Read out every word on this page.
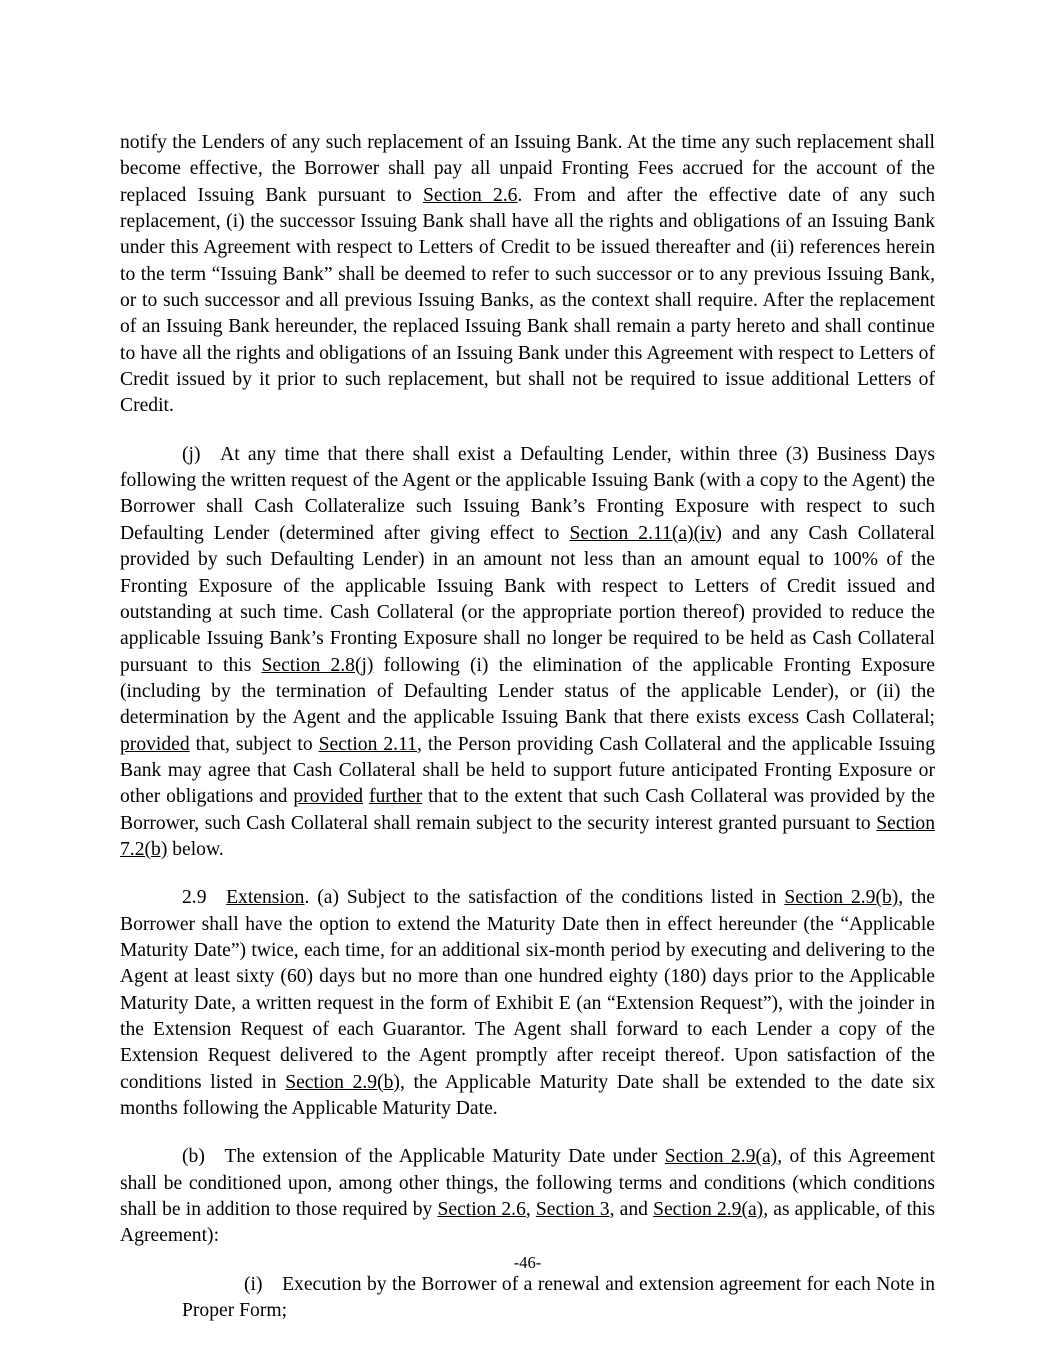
notify the Lenders of any such replacement of an Issuing Bank. At the time any such replacement shall become effective, the Borrower shall pay all unpaid Fronting Fees accrued for the account of the replaced Issuing Bank pursuant to Section 2.6. From and after the effective date of any such replacement, (i) the successor Issuing Bank shall have all the rights and obligations of an Issuing Bank under this Agreement with respect to Letters of Credit to be issued thereafter and (ii) references herein to the term “Issuing Bank” shall be deemed to refer to such successor or to any previous Issuing Bank, or to such successor and all previous Issuing Banks, as the context shall require. After the replacement of an Issuing Bank hereunder, the replaced Issuing Bank shall remain a party hereto and shall continue to have all the rights and obligations of an Issuing Bank under this Agreement with respect to Letters of Credit issued by it prior to such replacement, but shall not be required to issue additional Letters of Credit.

(j) At any time that there shall exist a Defaulting Lender, within three (3) Business Days following the written request of the Agent or the applicable Issuing Bank (with a copy to the Agent) the Borrower shall Cash Collateralize such Issuing Bank’s Fronting Exposure with respect to such Defaulting Lender (determined after giving effect to Section 2.11(a)(iv) and any Cash Collateral provided by such Defaulting Lender) in an amount not less than an amount equal to 100% of the Fronting Exposure of the applicable Issuing Bank with respect to Letters of Credit issued and outstanding at such time. Cash Collateral (or the appropriate portion thereof) provided to reduce the applicable Issuing Bank’s Fronting Exposure shall no longer be required to be held as Cash Collateral pursuant to this Section 2.8(j) following (i) the elimination of the applicable Fronting Exposure (including by the termination of Defaulting Lender status of the applicable Lender), or (ii) the determination by the Agent and the applicable Issuing Bank that there exists excess Cash Collateral; provided that, subject to Section 2.11, the Person providing Cash Collateral and the applicable Issuing Bank may agree that Cash Collateral shall be held to support future anticipated Fronting Exposure or other obligations and provided further that to the extent that such Cash Collateral was provided by the Borrower, such Cash Collateral shall remain subject to the security interest granted pursuant to Section 7.2(b) below.

2.9 Extension. (a) Subject to the satisfaction of the conditions listed in Section 2.9(b), the Borrower shall have the option to extend the Maturity Date then in effect hereunder (the “Applicable Maturity Date”) twice, each time, for an additional six-month period by executing and delivering to the Agent at least sixty (60) days but no more than one hundred eighty (180) days prior to the Applicable Maturity Date, a written request in the form of Exhibit E (an “Extension Request”), with the joinder in the Extension Request of each Guarantor. The Agent shall forward to each Lender a copy of the Extension Request delivered to the Agent promptly after receipt thereof. Upon satisfaction of the conditions listed in Section 2.9(b), the Applicable Maturity Date shall be extended to the date six months following the Applicable Maturity Date.

(b) The extension of the Applicable Maturity Date under Section 2.9(a), of this Agreement shall be conditioned upon, among other things, the following terms and conditions (which conditions shall be in addition to those required by Section 2.6, Section 3, and Section 2.9(a), as applicable, of this Agreement):

(i) Execution by the Borrower of a renewal and extension agreement for each Note in Proper Form;

-46-
